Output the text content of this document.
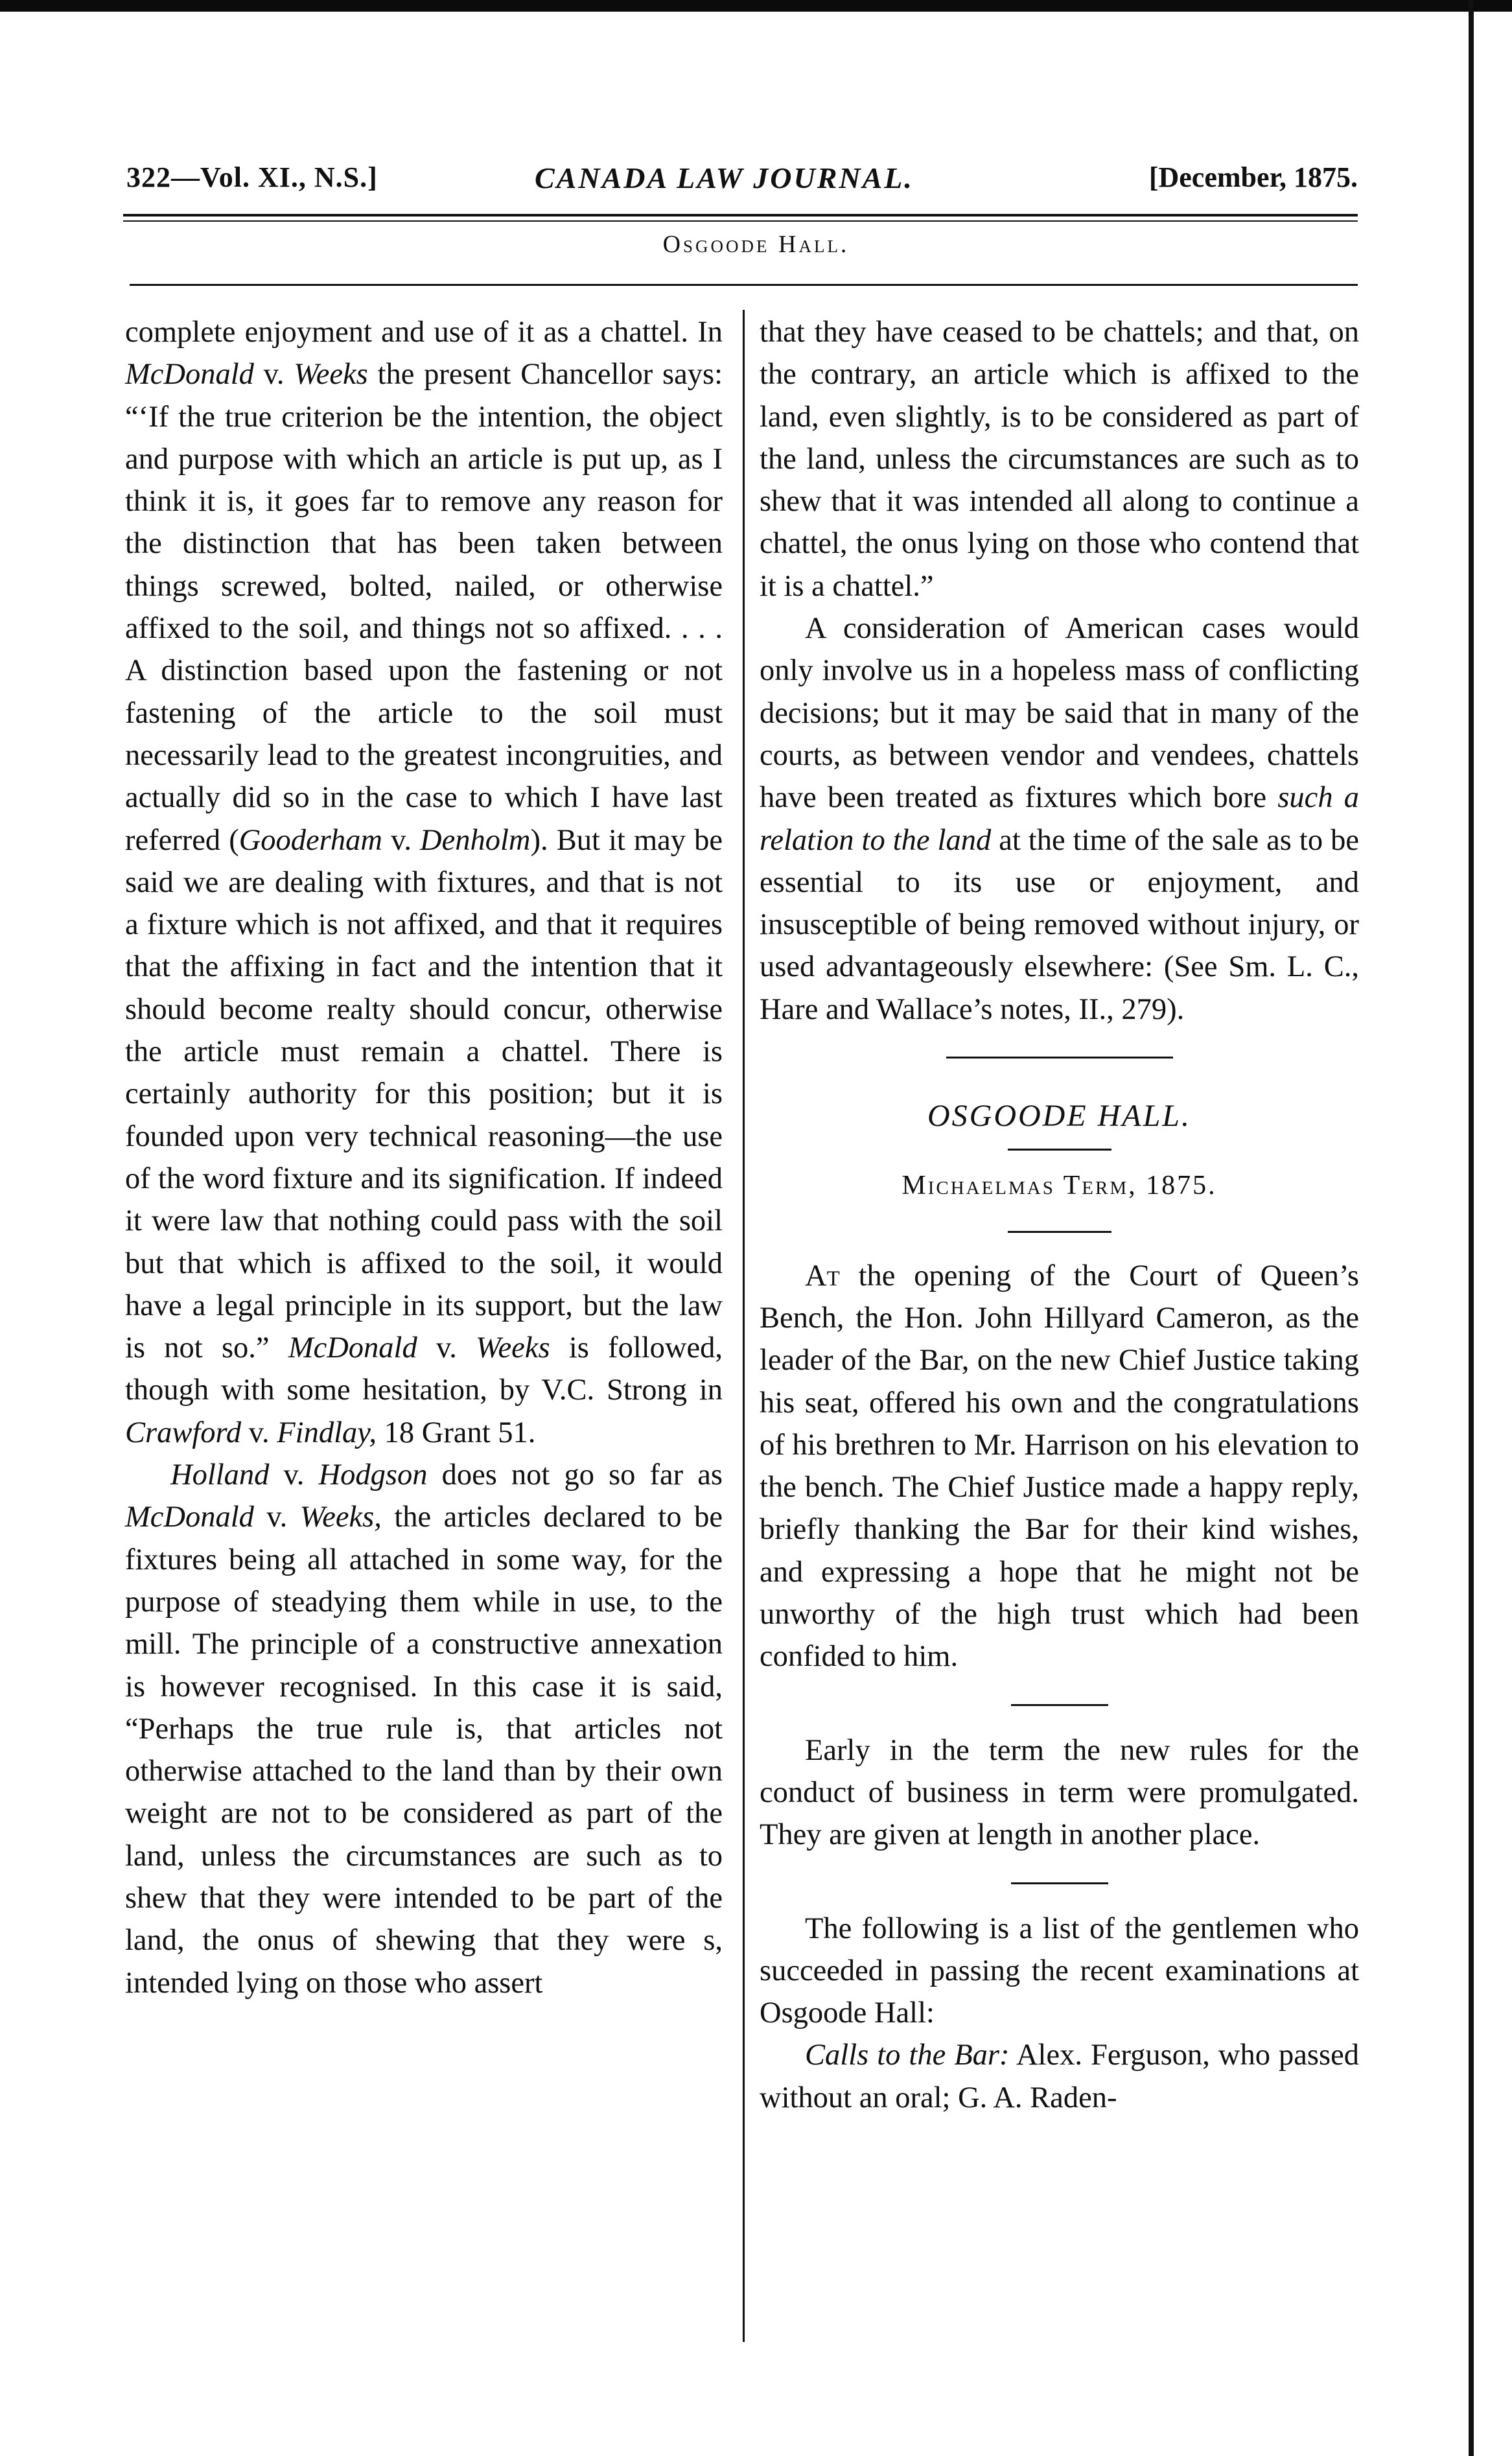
322—Vol. XI., N.S.]	CANADA LAW JOURNAL.	[December, 1875.
Osgoode Hall.

complete enjoyment and use of it as a chattel. In McDonald v. Weeks the present Chancellor says: “‘If the true criterion be the intention, the object and purpose with which an article is put up, as I think it is, it goes far to remove any reason for the distinction that has been taken between things screwed, bolted, nailed, or otherwise affixed to the soil, and things not so affixed. . . . A distinction based upon the fastening or not fastening of the article to the soil must necessarily lead to the greatest incongruities, and actually did so in the case to which I have last referred (Gooderham v. Denholm). But it may be said we are dealing with fixtures, and that is not a fixture which is not affixed, and that it requires that the affixing in fact and the intention that it should become realty should concur, otherwise the article must remain a chattel. There is certainly authority for this position; but it is founded upon very technical reasoning—the use of the word fixture and its signification. If indeed it were law that nothing could pass with the soil but that which is affixed to the soil, it would have a legal principle in its support, but the law is not so.” McDonald v. Weeks is followed, though with some hesitation, by V.C. Strong in Crawford v. Findlay, 18 Grant 51.

Holland v. Hodgson does not go so far as McDonald v. Weeks, the articles declared to be fixtures being all attached in some way, for the purpose of steadying them while in use, to the mill. The principle of a constructive annexation is however recognised. In this case it is said, “Perhaps the true rule is, that articles not otherwise attached to the land than by their own weight are not to be considered as part of the land, unless the circumstances are such as to shew that they were intended to be part of the land, the onus of shewing that they were s, intended lying on those who assert

that they have ceased to be chattels; and that, on the contrary, an article which is affixed to the land, even slightly, is to be considered as part of the land, unless the circumstances are such as to shew that it was intended all along to continue a chattel, the onus lying on those who contend that it is a chattel.”

A consideration of American cases would only involve us in a hopeless mass of conflicting decisions; but it may be said that in many of the courts, as between vendor and vendees, chattels have been treated as fixtures which bore such a relation to the land at the time of the sale as to be essential to its use or enjoyment, and insusceptible of being removed without injury, or used advantageously elsewhere: (See Sm. L. C., Hare and Wallace’s notes, II., 279).

OSGOODE HALL.
Michaelmas Term, 1875.

At the opening of the Court of Queen’s Bench, the Hon. John Hillyard Cameron, as the leader of the Bar, on the new Chief Justice taking his seat, offered his own and the congratulations of his brethren to Mr. Harrison on his elevation to the bench. The Chief Justice made a happy reply, briefly thanking the Bar for their kind wishes, and expressing a hope that he might not be unworthy of the high trust which had been confided to him.

Early in the term the new rules for the conduct of business in term were promulgated. They are given at length in another place.

The following is a list of the gentlemen who succeeded in passing the recent examinations at Osgoode Hall:

Calls to the Bar: Alex. Ferguson, who passed without an oral; G. A. Raden-
